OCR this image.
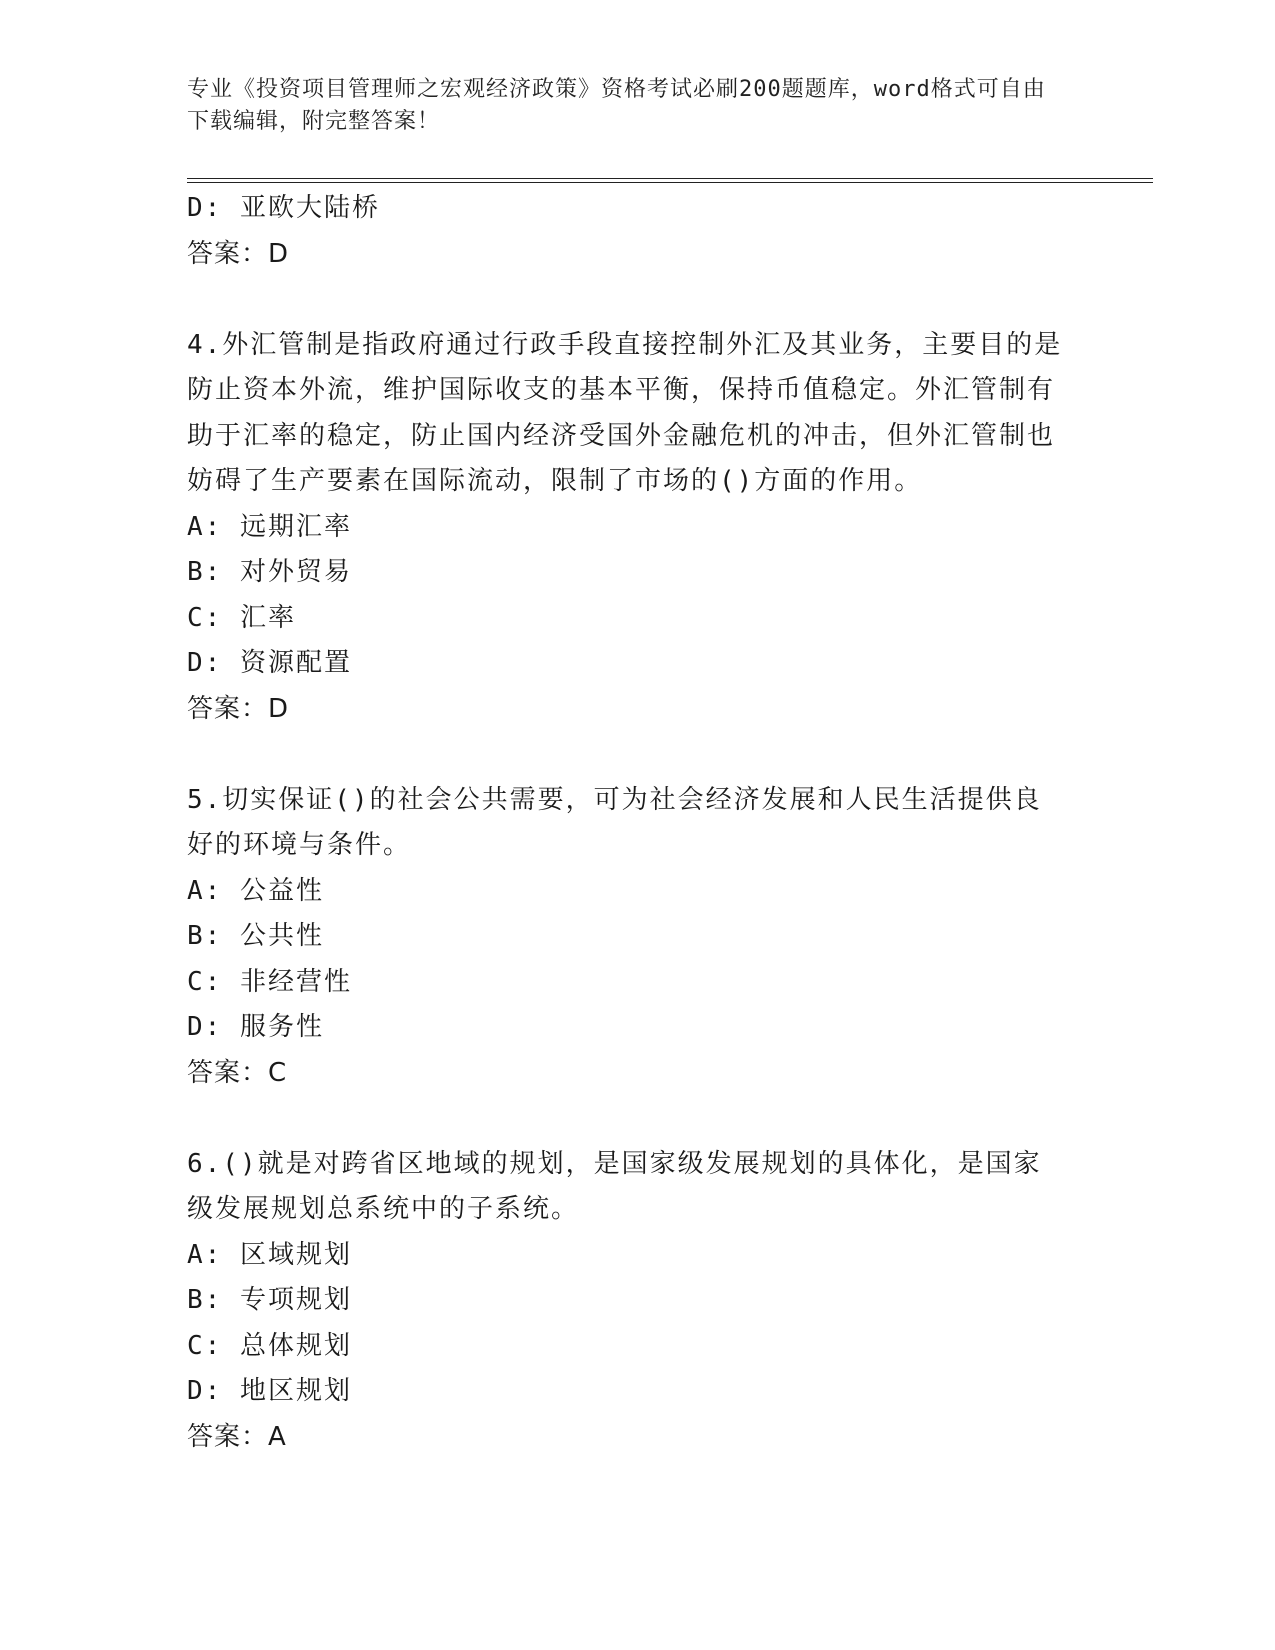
专业《投资项目管理师之宏观经济政策》资格考试必刷200题题库，word格式可自由下载编辑，附完整答案！
D: 亚欧大陆桥
答案：D

4.外汇管制是指政府通过行政手段直接控制外汇及其业务，主要目的是防止资本外流，维护国际收支的基本平衡，保持币值稳定。外汇管制有助于汇率的稳定，防止国内经济受国外金融危机的冲击，但外汇管制也妨碍了生产要素在国际流动，限制了市场的()方面的作用。

A: 远期汇率
B: 对外贸易
C: 汇率
D: 资源配置
答案：D

5.切实保证()的社会公共需要，可为社会经济发展和人民生活提供良好的环境与条件。

A: 公益性
B: 公共性
C: 非经营性
D: 服务性
答案：C

6.()就是对跨省区地域的规划，是国家级发展规划的具体化，是国家级发展规划总系统中的子系统。

A: 区域规划
B: 专项规划
C: 总体规划
D: 地区规划
答案：A
